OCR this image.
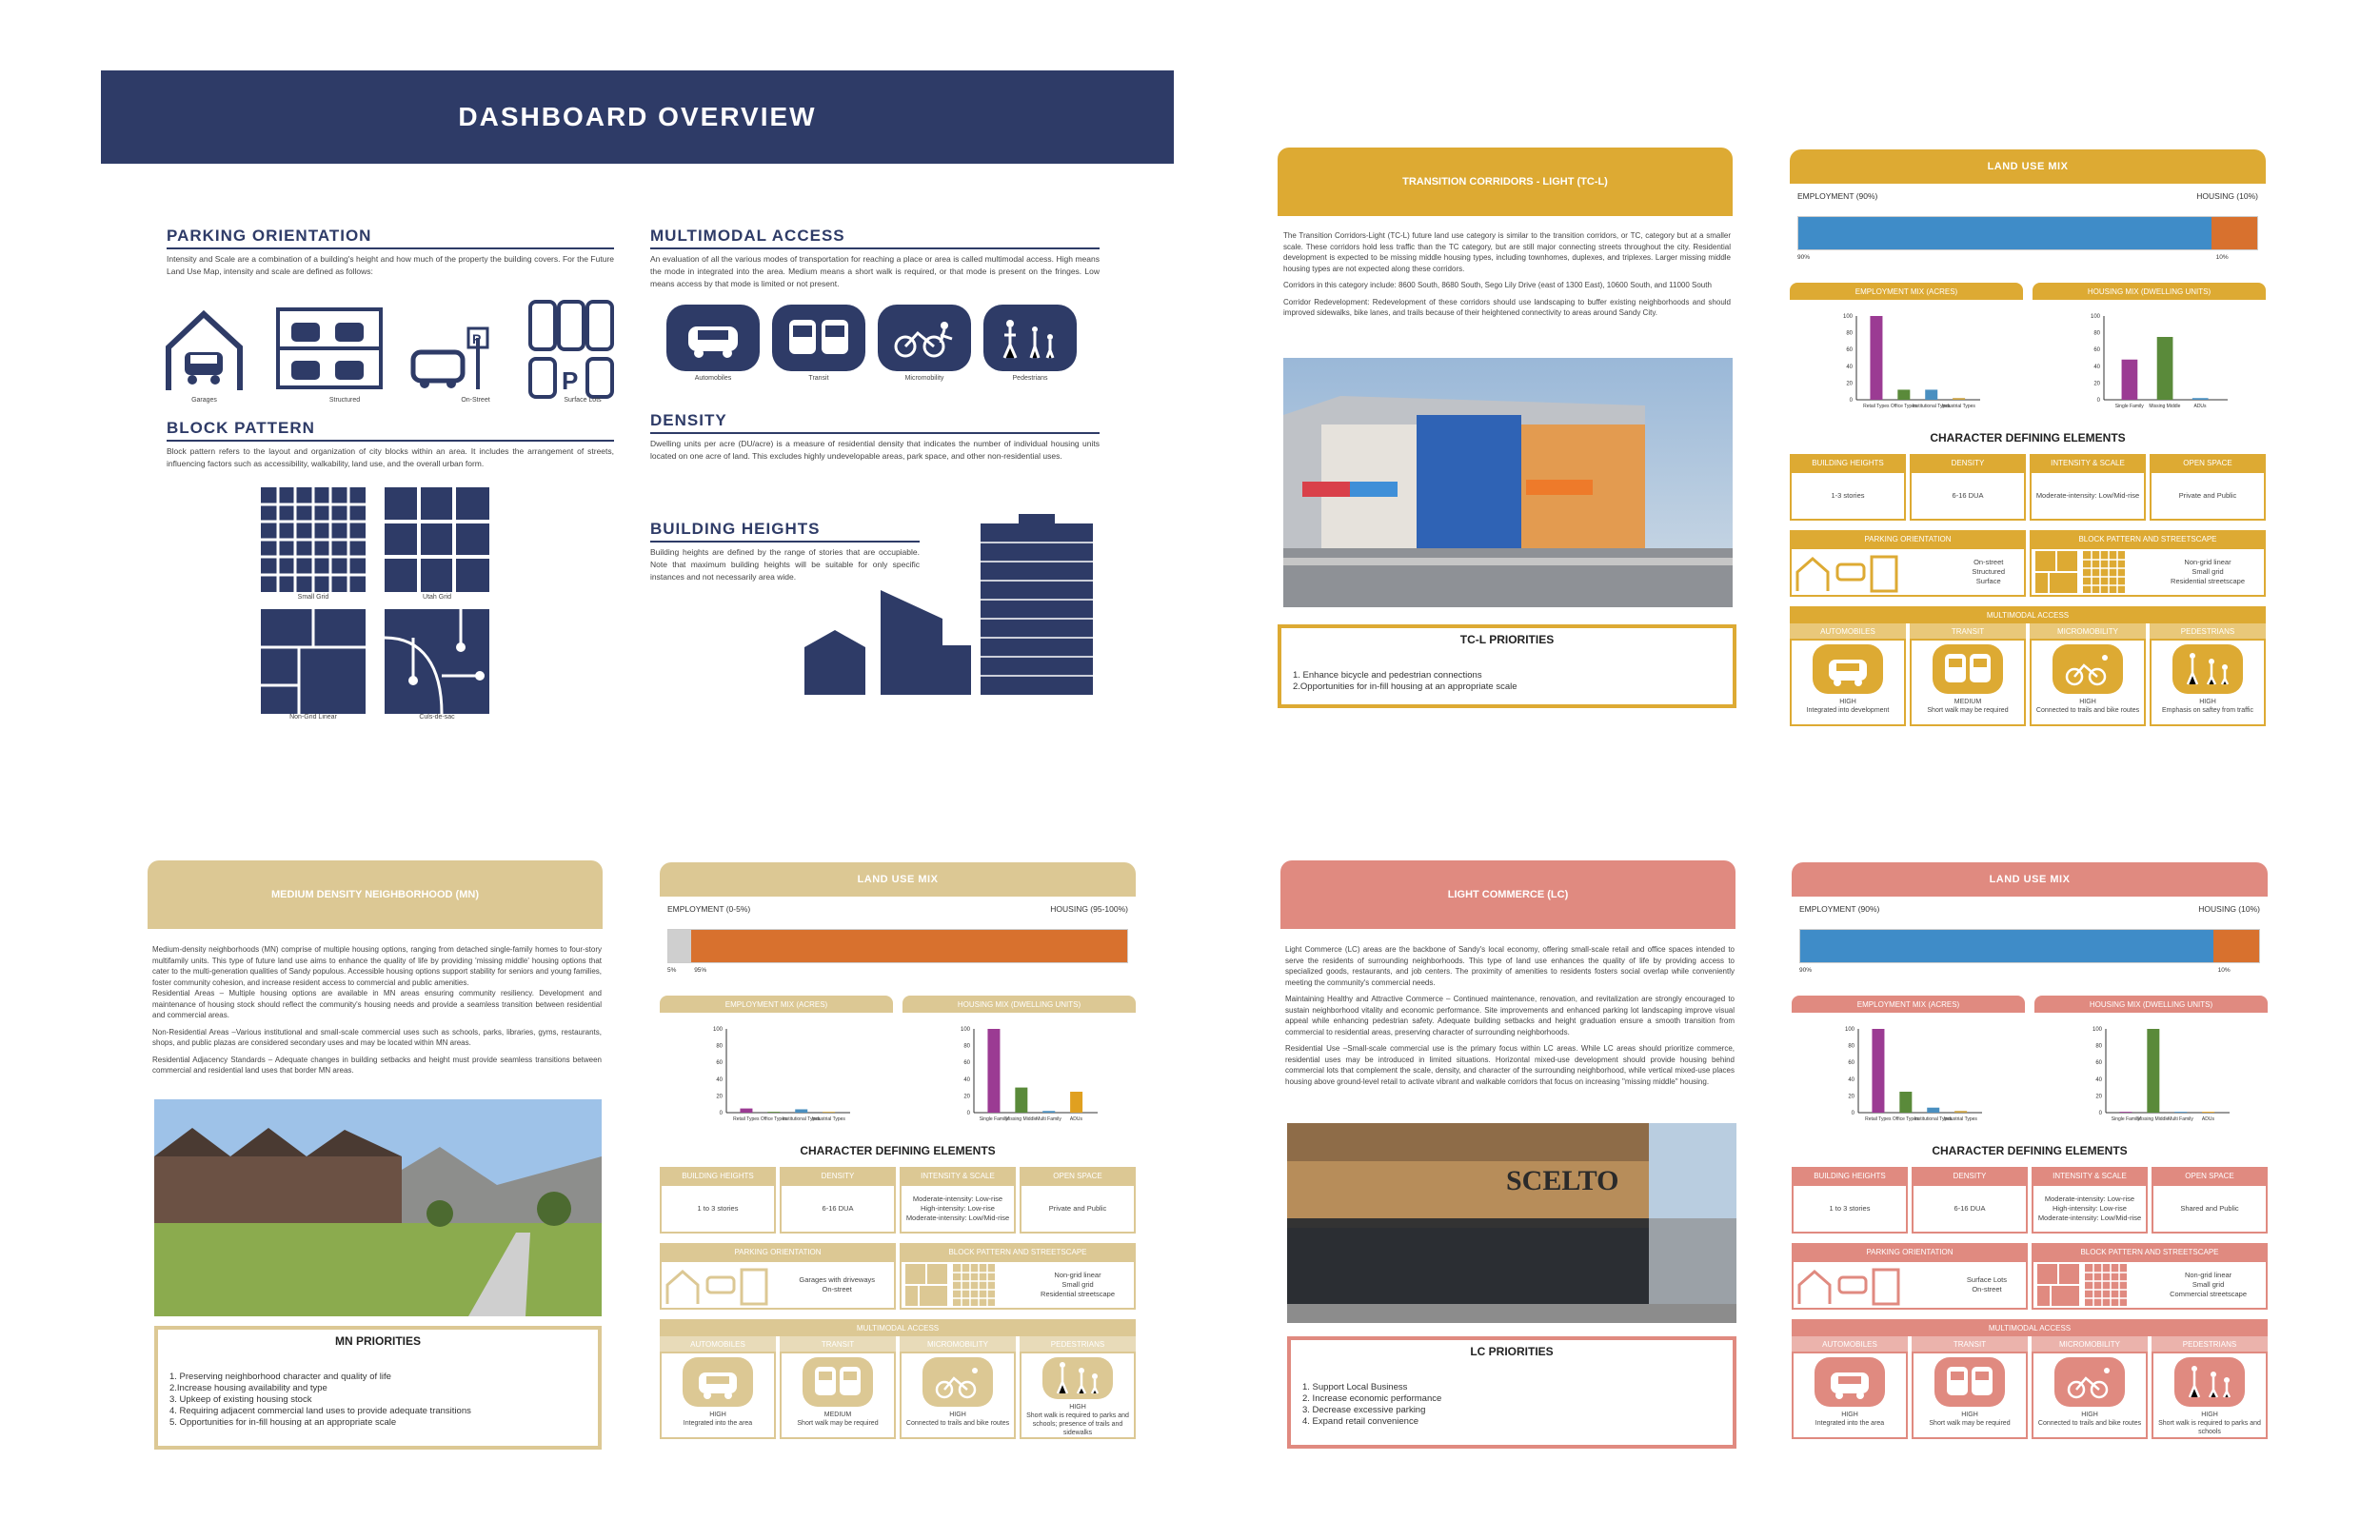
DASHBOARD OVERVIEW
PARKING ORIENTATION
Intensity and Scale are a combination of a building's height and how much of the property the building covers. For the Future Land Use Map, intensity and scale are defined as follows:
P
P
Garages	Structured	On-Street	Surface Lots
BLOCK PATTERN
Block pattern refers to the layout and organization of city blocks within an area. It includes the arrangement of streets, influencing factors such as accessibility, walkability, land use, and the overall urban form.
Small Grid	Utah Grid
Non-Grid Linear	Culs-de-sac
MULTIMODAL ACCESS
An evaluation of all the various modes of transportation for reaching a place or area is called multimodal access. High means the mode in integrated into the area. Medium means a short walk is required, or that mode is present on the fringes. Low means access by that mode is limited or not present.
Automobiles	Transit	Micromobility	Pedestrians
DENSITY
Dwelling units per acre (DU/acre) is a measure of residential density that indicates the number of individual housing units located on one acre of land. This excludes highly undevelopable areas, park space, and other non-residential uses.
BUILDING HEIGHTS
Building heights are defined by the range of stories that are occupiable. Note that maximum building heights will be suitable for only specific instances and not necessarily area wide.
TRANSITION CORRIDORS - LIGHT (TC-L)

The Transition Corridors-Light (TC-L) future land use category is similar to the transition corridors, or TC, category but at a smaller scale. These corridors hold less traffic than the TC category, but are still major connecting streets throughout the city. Residential development is expected to be missing middle housing types, including townhomes, duplexes, and triplexes. Larger missing middle housing types are not expected along these corridors.

Corridors in this category include: 8600 South, 8680 South, Sego Lily Drive (east of 1300 East), 10600 South, and 11000 South

Corridor Redevelopment: Redevelopment of these corridors should use landscaping to buffer existing neighborhoods and should improved sidewalks, bike lanes, and trails because of their heightened connectivity to areas around Sandy City.

TC-L PRIORITIES
1. Enhance bicycle and pedestrian connections
2.Opportunities for in-fill housing at an appropriate scale
MEDIUM DENSITY NEIGHBORHOOD (MN)

Medium-density neighborhoods (MN) comprise of multiple housing options, ranging from detached single-family homes to four-story multifamily units. This type of future land use aims to enhance the quality of life by providing 'missing middle' housing options that cater to the multi-generation qualities of Sandy populous. Accessible housing options support stability for seniors and young families, foster community cohesion, and increase resident access to commercial and public amenities.

Residential Areas – Multiple housing options are available in MN areas ensuring community resiliency. Development and maintenance of housing stock should reflect the community's housing needs and provide a seamless transition between residential and commercial areas.

Non-Residential Areas –Various institutional and small-scale commercial uses such as schools, parks, libraries, gyms, restaurants, shops, and public plazas are considered secondary uses and may be located within MN areas.

Residential Adjacency Standards – Adequate changes in building setbacks and height must provide seamless transitions between commercial and residential land uses that border MN areas.

MN PRIORITIES
1. Preserving neighborhood character and quality of life
2.Increase housing availability and type
3. Upkeep of existing housing stock
4. Requiring adjacent commercial land uses to provide adequate transitions
5. Opportunities for in-fill housing at an appropriate scale
LIGHT COMMERCE (LC)

Light Commerce (LC) areas are the backbone of Sandy's local economy, offering small-scale retail and office spaces intended to serve the residents of surrounding neighborhoods. This type of land use enhances the quality of life by providing access to specialized goods, restaurants, and job centers. The proximity of amenities to residents fosters social overlap while conveniently meeting the community's commercial needs.

Maintaining Healthy and Attractive Commerce – Continued maintenance, renovation, and revitalization are strongly encouraged to sustain neighborhood vitality and economic performance. Site improvements and enhanced parking lot landscaping improve visual appeal while enhancing pedestrian safety. Adequate building setbacks and height graduation ensure a smooth transition from commercial to residential areas, preserving character of surrounding neighborhoods.

Residential Use –Small-scale commercial use is the primary focus within LC areas. While LC areas should prioritize commerce, residential uses may be introduced in limited situations. Horizontal mixed-use development should provide housing behind commercial lots that complement the scale, density, and character of the surrounding neighborhood, while vertical mixed-use places housing above ground-level retail to activate vibrant and walkable corridors that focus on increasing "missing middle" housing.

SCELTO
LC PRIORITIES
1. Support Local Business
2. Increase economic performance
3. Decrease excessive parking
4. Expand retail convenience
LAND USE MIX
EMPLOYMENT (90%)	HOUSING (10%)
90%	10%
EMPLOYMENT MIX (ACRES)	HOUSING MIX (DWELLING UNITS)
0
20
40
60
80
100
Retail Types Office Types
Institutional Types
Industrial Types
0
20
40
60
80
100
Single Family Missing Middle	ADUs
CHARACTER DEFINING ELEMENTS
BUILDING HEIGHTS
1-3 stories
DENSITY
6-16 DUA
INTENSITY & SCALE
Moderate-intensity: Low/Mid-rise
OPEN SPACE
Private and Public
PARKING ORIENTATION
On-street
Structured
Surface
BLOCK PATTERN AND STREETSCAPE
Non-grid linear
Small grid
Residential streetscape
MULTIMODAL ACCESS
AUTOMOBILES
HIGH
Integrated into development
TRANSIT
MEDIUM
Short walk may be required
MICROMOBILITY
HIGH
Connected to trails and bike routes
PEDESTRIANS
HIGH
Emphasis on saftey from traffic
LAND USE MIX
EMPLOYMENT (0-5%)	HOUSING (95-100%)
5%	95%
EMPLOYMENT MIX (ACRES)	HOUSING MIX (DWELLING UNITS)
0
20
40
60
80
100
Retail Types Office Types
Institutional Types
Industrial Types
0
20
40
60
80
100
Single Family
Missing Middle Multi Family ADUs
CHARACTER DEFINING ELEMENTS
BUILDING HEIGHTS
1 to 3 stories
DENSITY
6-16 DUA
INTENSITY & SCALE
Moderate-intensity: Low-rise
High-intensity: Low-rise
Moderate-intensity: Low/Mid-rise
OPEN SPACE
Private and Public
PARKING ORIENTATION
Garages with driveways
On-street
BLOCK PATTERN AND STREETSCAPE
Non-grid linear
Small grid
Residential streetscape
MULTIMODAL ACCESS
AUTOMOBILES
HIGH
Integrated into the area
TRANSIT
MEDIUM
Short walk may be required
MICROMOBILITY
HIGH
Connected to trails and bike routes
PEDESTRIANS
HIGH
Short walk is required to parks and schools; presence of trails and sidewalks
LAND USE MIX
EMPLOYMENT (90%)	HOUSING (10%)
90%	10%
EMPLOYMENT MIX (ACRES)	HOUSING MIX (DWELLING UNITS)
0
20
40
60
80
100
Retail Types Office Types
Institutional Types
Industrial Types
0
20
40
60
80
100
Single Family
Missing Middle Multi Family ADUs
CHARACTER DEFINING ELEMENTS
BUILDING HEIGHTS
1 to 3 stories
DENSITY
6-16 DUA
INTENSITY & SCALE
Moderate-intensity: Low-rise
High-intensity: Low-rise
Moderate-intensity: Low/Mid-rise
OPEN SPACE
Shared and Public
PARKING ORIENTATION
Surface Lots
On-street
BLOCK PATTERN AND STREETSCAPE
Non-grid linear
Small grid
Commercial streetscape
MULTIMODAL ACCESS
AUTOMOBILES
HIGH
Integrated into the area
TRANSIT
HIGH
Short walk may be required
MICROMOBILITY
HIGH
Connected to trails and bike routes
PEDESTRIANS
HIGH
Short walk is required to parks and schools
